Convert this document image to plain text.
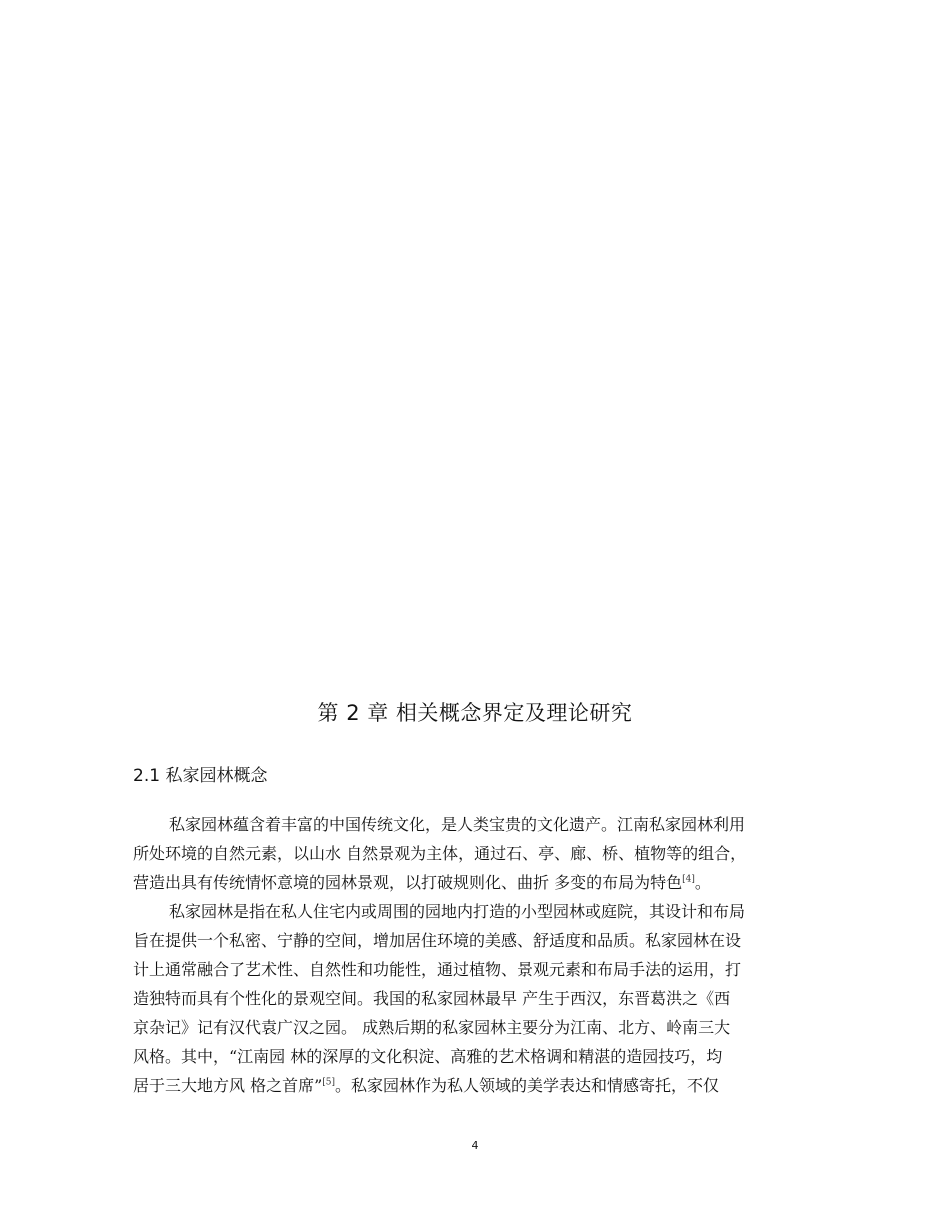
第 2 章 相关概念界定及理论研究
2.1 私家园林概念
私家园林蕴含着丰富的中国传统文化，是人类宝贵的文化遗产。江南私家园林利用
所处环境的自然元素，以山水 自然景观为主体，通过石、亭、廊、桥、植物等的组合，
营造出具有传统情怀意境的园林景观，以打破规则化、曲折 多变的布局为特色[4]。
私家园林是指在私人住宅内或周围的园地内打造的小型园林或庭院，其设计和布局
旨在提供一个私密、宁静的空间，增加居住环境的美感、舒适度和品质。私家园林在设
计上通常融合了艺术性、自然性和功能性，通过植物、景观元素和布局手法的运用，打
造独特而具有个性化的景观空间。我国的私家园林最早 产生于西汉，东晋葛洪之《西
京杂记》记有汉代袁广汉之园。 成熟后期的私家园林主要分为江南、北方、岭南三大
风格。其中，“江南园 林的深厚的文化积淀、高雅的艺术格调和精湛的造园技巧，均
居于三大地方风 格之首席”[5]。私家园林作为私人领域的美学表达和情感寄托，不仅
4
